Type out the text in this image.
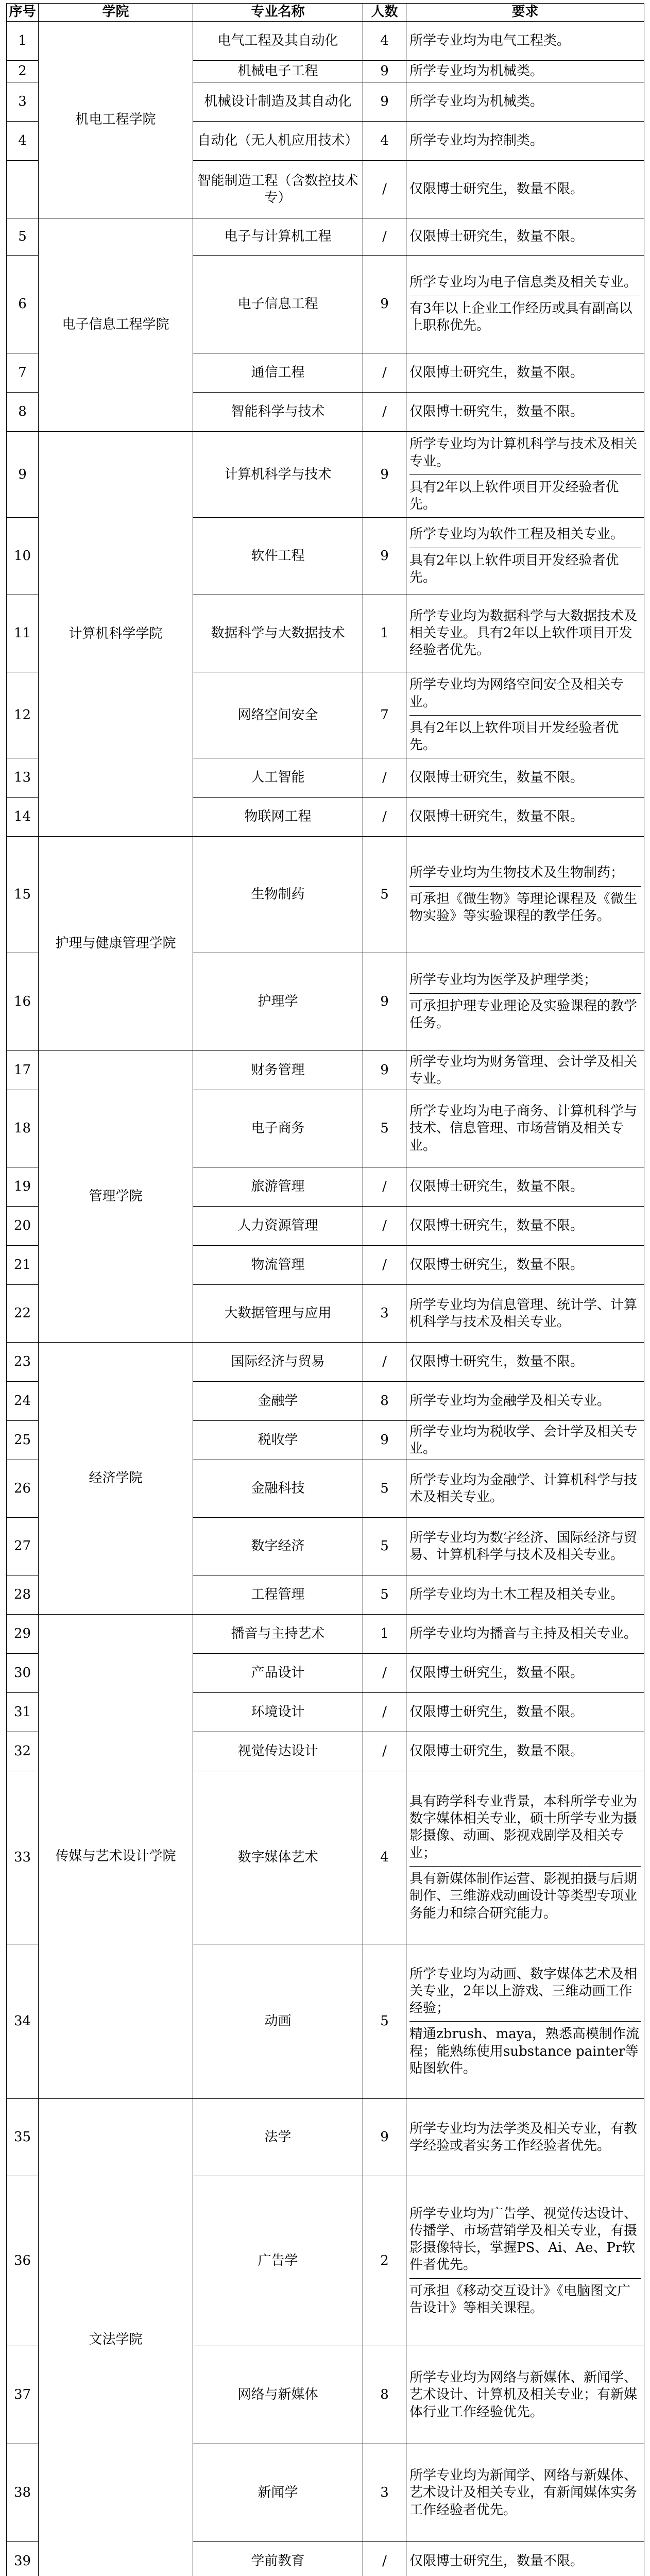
序号	学院	专业名称	人数	要求
1	机电工程学院	电气工程及其自动化	4	所学专业均为电气工程类。

2		机械电子工程	9	所学专业均为机械类。

3		机械设计制造及其自动化	9	所学专业均为机械类。

4		自动化（无人机应用技术）	4	所学专业均为控制类。

		智能制造工程（含数控技术专）	/	仅限博士研究生，数量不限。

5	电子信息工程学院	电子与计算机工程	/	仅限博士研究生，数量不限。

6		电子信息工程	9	所学专业均为电子信息类及相关专业。
有3年以上企业工作经历或具有副高以上职称优先。

7		通信工程	/	仅限博士研究生，数量不限。

8		智能科学与技术	/	仅限博士研究生，数量不限。

9	计算机科学学院	计算机科学与技术	9	所学专业均为计算机科学与技术及相关专业。
具有2年以上软件项目开发经验者优先。

10		软件工程	9	所学专业均为软件工程及相关专业。
具有2年以上软件项目开发经验者优先。

11		数据科学与大数据技术	1	所学专业均为数据科学与大数据技术及相关专业。具有2年以上软件项目开发经验者优先。

12		网络空间安全	7	所学专业均为网络空间安全及相关专业。
具有2年以上软件项目开发经验者优先。

13		人工智能	/	仅限博士研究生，数量不限。

14		物联网工程	/	仅限博士研究生，数量不限。

15	护理与健康管理学院	生物制药	5	所学专业均为生物技术及生物制药；
可承担《微生物》等理论课程及《微生物实验》等实验课程的教学任务。

16		护理学	9	所学专业均为医学及护理学类；
可承担护理专业理论及实验课程的教学任务。

17	管理学院	财务管理	9	所学专业均为财务管理、会计学及相关专业。

18		电子商务	5	所学专业均为电子商务、计算机科学与技术、信息管理、市场营销及相关专业。

19		旅游管理	/	仅限博士研究生，数量不限。

20		人力资源管理	/	仅限博士研究生，数量不限。

21		物流管理	/	仅限博士研究生，数量不限。

22		大数据管理与应用	3	所学专业均为信息管理、统计学、计算机科学与技术及相关专业。

23	经济学院	国际经济与贸易	/	仅限博士研究生，数量不限。

24		金融学	8	所学专业均为金融学及相关专业。

25		税收学	9	所学专业均为税收学、会计学及相关专业。

26		金融科技	5	所学专业均为金融学、计算机科学与技术及相关专业。

27		数字经济	5	所学专业均为数字经济、国际经济与贸易、计算机科学与技术及相关专业。

28		工程管理	5	所学专业均为土木工程及相关专业。

29	传媒与艺术设计学院	播音与主持艺术	1	所学专业均为播音与主持及相关专业。

30		产品设计	/	仅限博士研究生，数量不限。

31		环境设计	/	仅限博士研究生，数量不限。

32		视觉传达设计	/	仅限博士研究生，数量不限。

33		数字媒体艺术	4	具有跨学科专业背景，本科所学专业为数字媒体相关专业，硕士所学专业为摄影摄像、动画、影视戏剧学及相关专业；
具有新媒体制作运营、影视拍摄与后期制作、三维游戏动画设计等类型专项业务能力和综合研究能力。

34		动画	5	所学专业均为动画、数字媒体艺术及相关专业，2年以上游戏、三维动画工作经验；
精通zbrush、maya，熟悉高模制作流程；能熟练使用substance painter等贴图软件。

35	文法学院	法学	9	所学专业均为法学类及相关专业，有教学经验或者实务工作经验者优先。

36		广告学	2	所学专业均为广告学、视觉传达设计、传播学、市场营销学及相关专业，有摄影摄像特长，掌握PS、Ai、Ae、Pr软件者优先。
可承担《移动交互设计》《电脑图文广告设计》等相关课程。

37		网络与新媒体	8	所学专业均为网络与新媒体、新闻学、艺术设计、计算机及相关专业；有新媒体行业工作经验优先。

38		新闻学	3	所学专业均为新闻学、网络与新媒体、艺术设计及相关专业，有新闻媒体实务工作经验者优先。

39		学前教育	/	仅限博士研究生，数量不限。
